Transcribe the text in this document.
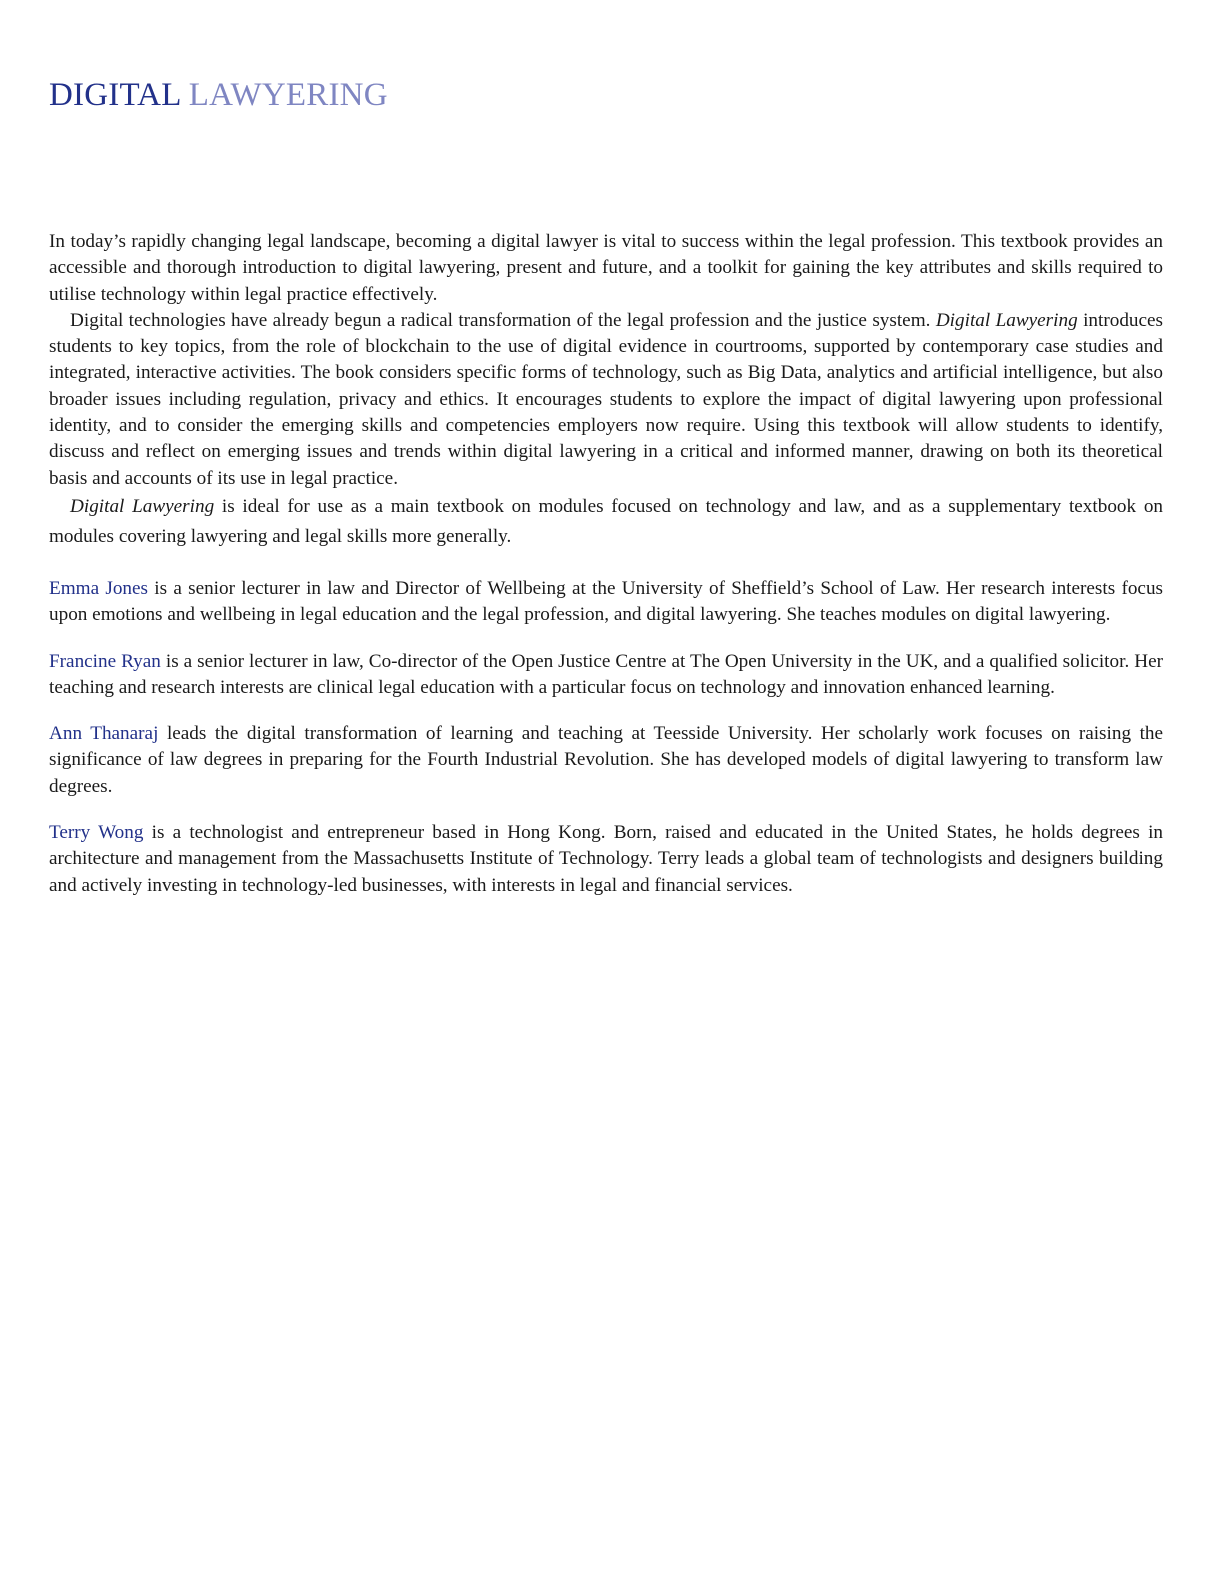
DIGITAL LAWYERING

In today’s rapidly changing legal landscape, becoming a digital lawyer is vital to success within the legal profession. This textbook provides an accessible and thorough introduction to digital lawyering, present and future, and a toolkit for gaining the key attributes and skills required to utilise technology within legal practice effectively.

Digital technologies have already begun a radical transformation of the legal profession and the justice system. Digital Lawyering introduces students to key topics, from the role of blockchain to the use of digital evidence in courtrooms, supported by contemporary case studies and integrated, interactive activities. The book considers specific forms of technology, such as Big Data, analytics and artificial intelligence, but also broader issues including regulation, privacy and ethics. It encourages students to explore the impact of digital lawyering upon professional identity, and to consider the emerging skills and competencies employers now require. Using this textbook will allow students to identify, discuss and reflect on emerging issues and trends within digital lawyering in a critical and informed manner, drawing on both its theoretical basis and accounts of its use in legal practice.

Digital Lawyering is ideal for use as a main textbook on modules focused on technology and law, and as a supplementary textbook on modules covering lawyering and legal skills more generally.

Emma Jones is a senior lecturer in law and Director of Wellbeing at the University of Sheffield’s School of Law. Her research interests focus upon emotions and wellbeing in legal education and the legal profession, and digital lawyering. She teaches modules on digital lawyering.

Francine Ryan is a senior lecturer in law, Co-director of the Open Justice Centre at The Open University in the UK, and a qualified solicitor. Her teaching and research interests are clinical legal education with a particular focus on technology and innovation enhanced learning.

Ann Thanaraj leads the digital transformation of learning and teaching at Teesside University. Her scholarly work focuses on raising the significance of law degrees in preparing for the Fourth Industrial Revolution. She has developed models of digital lawyering to transform law degrees.

Terry Wong is a technologist and entrepreneur based in Hong Kong. Born, raised and educated in the United States, he holds degrees in architecture and management from the Massachusetts Institute of Technology. Terry leads a global team of technologists and designers building and actively investing in technology-led businesses, with interests in legal and financial services.
